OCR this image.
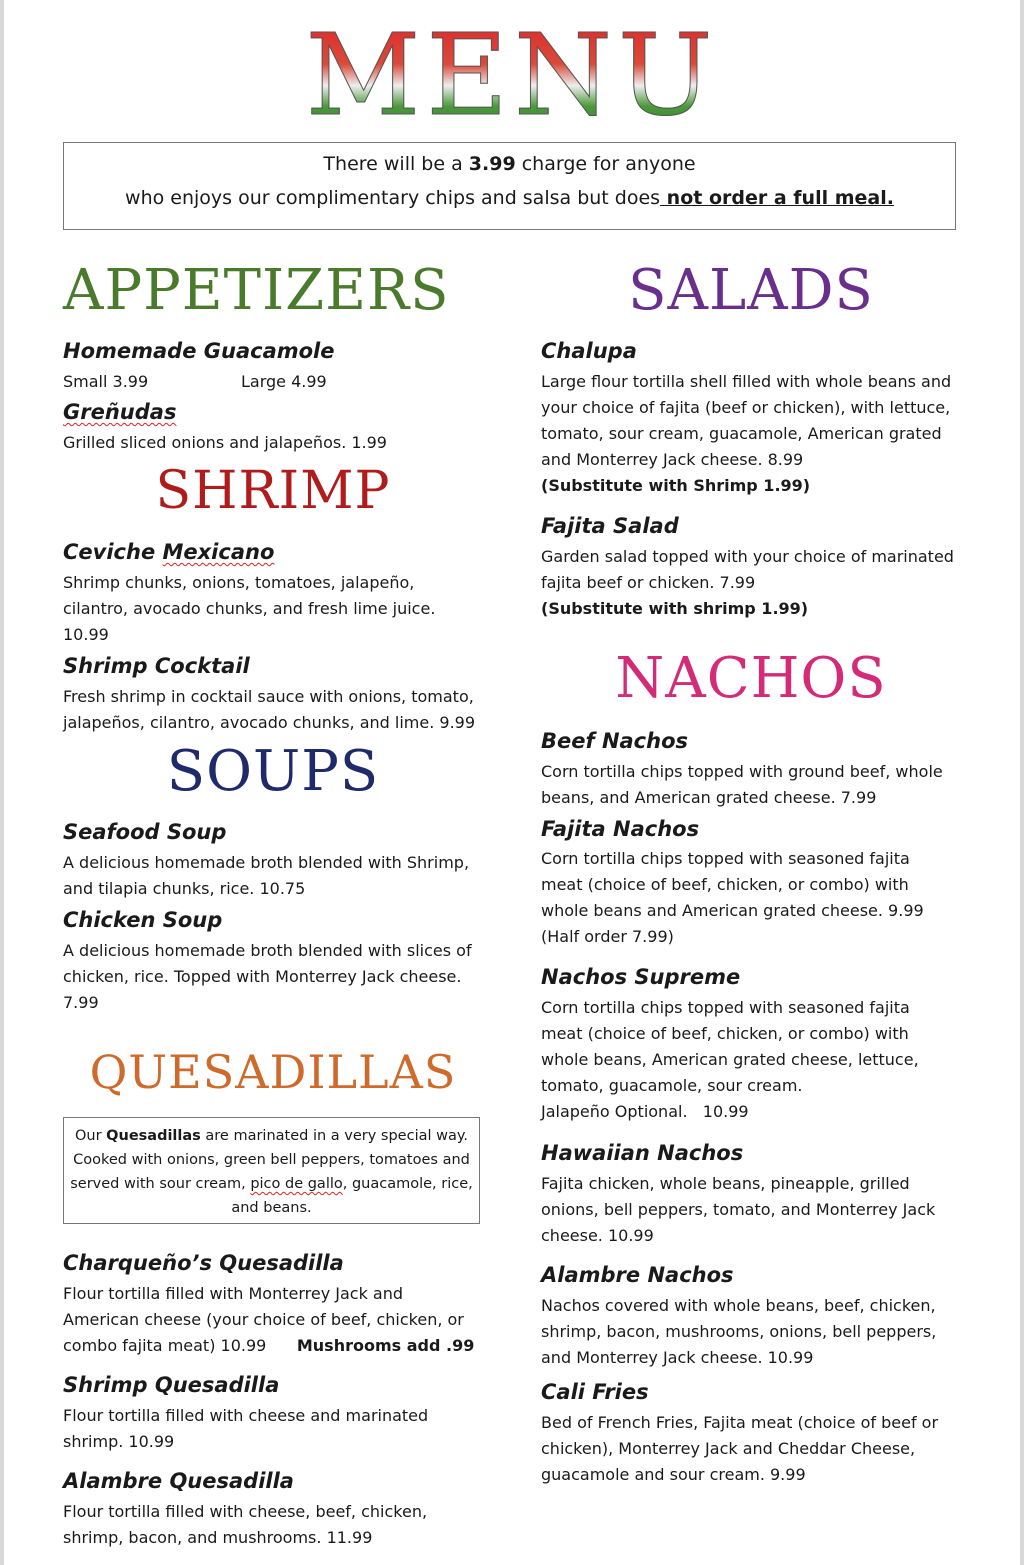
MENU
There will be a 3.99 charge for anyone
who enjoys our complimentary chips and salsa but does not order a full meal.
APPETIZERS

Homemade Guacamole

Small 3.99	Large 4.99

Greñudas

Grilled sliced onions and jalapeños. 1.99

SHRIMP

Ceviche Mexicano

Shrimp chunks, onions, tomatoes, jalapeño, cilantro, avocado chunks, and fresh lime juice. 10.99

Shrimp Cocktail

Fresh shrimp in cocktail sauce with onions, tomato, jalapeños, cilantro, avocado chunks, and lime. 9.99

SOUPS

Seafood Soup

A delicious homemade broth blended with Shrimp, and tilapia chunks, rice. 10.75

Chicken Soup

A delicious homemade broth blended with slices of chicken, rice. Topped with Monterrey Jack cheese. 7.99

QUESADILLAS
Our Quesadillas are marinated in a very special way. Cooked with onions, green bell peppers, tomatoes and served with sour cream, pico de gallo, guacamole, rice, and beans.

Charqueño’s Quesadilla

Flour tortilla filled with Monterrey Jack and American cheese (your choice of beef, chicken, or combo fajita meat) 10.99 Mushrooms add .99

Shrimp Quesadilla

Flour tortilla filled with cheese and marinated shrimp. 10.99

Alambre Quesadilla

Flour tortilla filled with cheese, beef, chicken, shrimp, bacon, and mushrooms. 11.99

SALADS

Chalupa

Large flour tortilla shell filled with whole beans and your choice of fajita (beef or chicken), with lettuce, tomato, sour cream, guacamole, American grated and Monterrey Jack cheese. 8.99
(Substitute with Shrimp 1.99)

Fajita Salad

Garden salad topped with your choice of marinated fajita beef or chicken. 7.99
(Substitute with shrimp 1.99)

NACHOS

Beef Nachos

Corn tortilla chips topped with ground beef, whole beans, and American grated cheese. 7.99

Fajita Nachos

Corn tortilla chips topped with seasoned fajita meat (choice of beef, chicken, or combo) with whole beans and American grated cheese. 9.99
(Half order 7.99)

Nachos Supreme

Corn tortilla chips topped with seasoned fajita meat (choice of beef, chicken, or combo) with whole beans, American grated cheese, lettuce, tomato, guacamole, sour cream.
Jalapeño Optional.   10.99

Hawaiian Nachos

Fajita chicken, whole beans, pineapple, grilled onions, bell peppers, tomato, and Monterrey Jack cheese. 10.99

Alambre Nachos

Nachos covered with whole beans, beef, chicken, shrimp, bacon, mushrooms, onions, bell peppers, and Monterrey Jack cheese. 10.99

Cali Fries

Bed of French Fries, Fajita meat (choice of beef or chicken), Monterrey Jack and Cheddar Cheese, guacamole and sour cream. 9.99
